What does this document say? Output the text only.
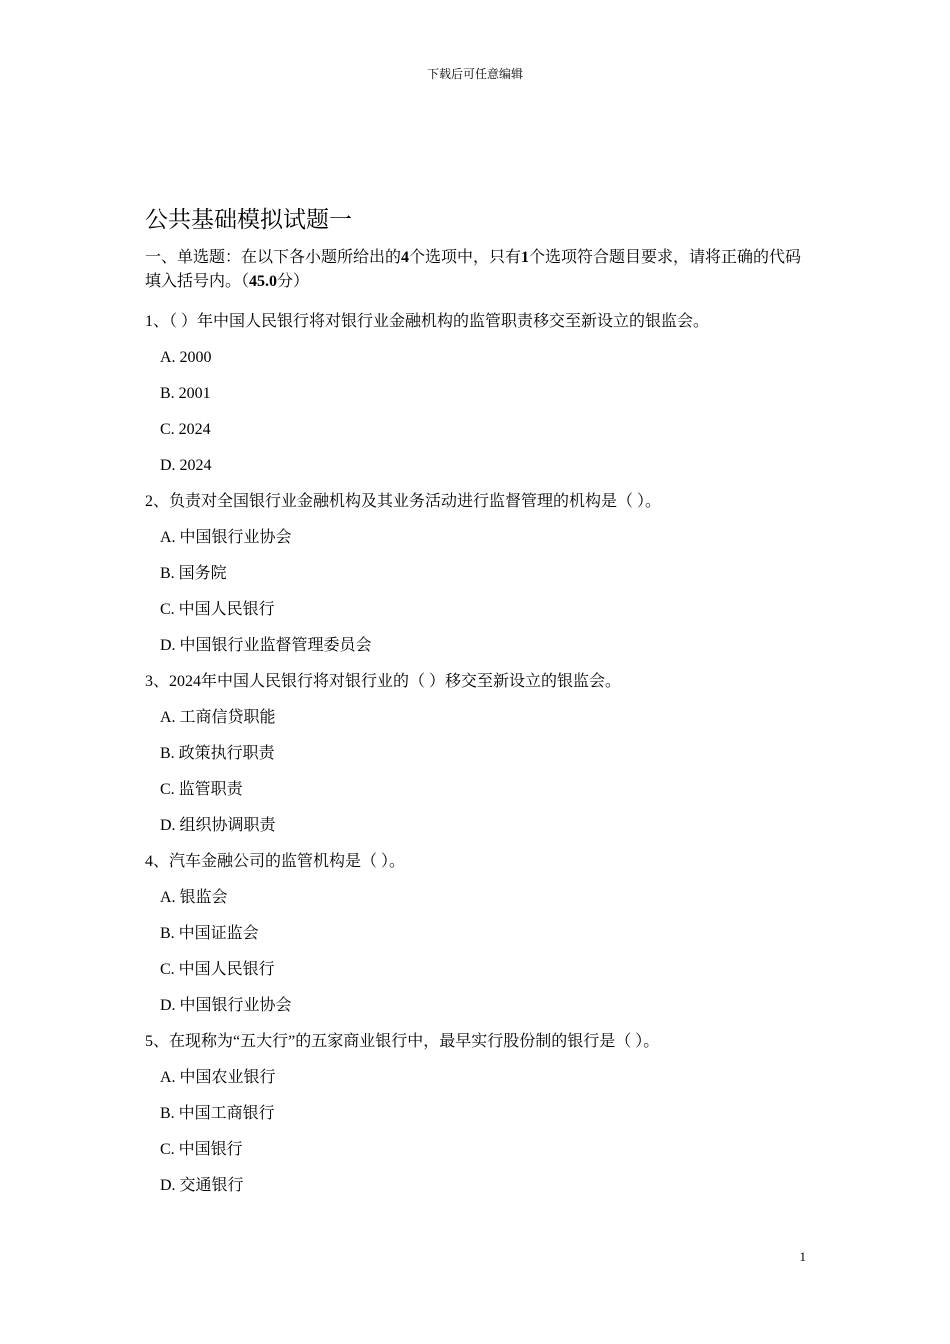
下载后可任意编辑
公共基础模拟试题一

一、单选题：在以下各小题所给出的4个选项中，只有1个选项符合题目要求，请将正确的代码填入括号内。（45.0分）

1、（ ）年中国人民银行将对银行业金融机构的监管职责移交至新设立的银监会。
A. 2000
B. 2001
C. 2024
D. 2024
2、负责对全国银行业金融机构及其业务活动进行监督管理的机构是（ ）。
A. 中国银行业协会
B. 国务院
C. 中国人民银行
D. 中国银行业监督管理委员会
3、2024年中国人民银行将对银行业的（ ）移交至新设立的银监会。
A. 工商信贷职能
B. 政策执行职责
C. 监管职责
D. 组织协调职责
4、汽车金融公司的监管机构是（ ）。
A. 银监会
B. 中国证监会
C. 中国人民银行
D. 中国银行业协会
5、在现称为“五大行”的五家商业银行中，最早实行股份制的银行是（ ）。
A. 中国农业银行
B. 中国工商银行
C. 中国银行
D. 交通银行
1
